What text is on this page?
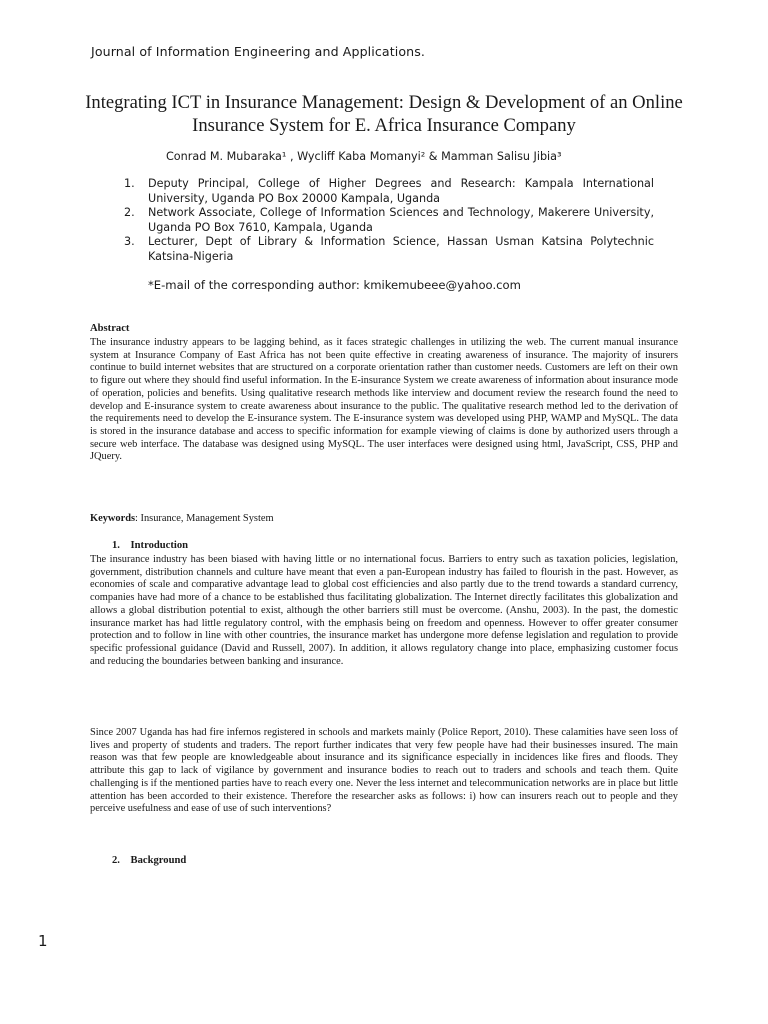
Journal of Information Engineering and Applications.
Integrating ICT in Insurance Management: Design & Development of an Online Insurance System for E. Africa Insurance Company
Conrad M. Mubaraka¹ , Wycliff Kaba Momanyi² & Mamman Salisu Jibia³
1. Deputy Principal, College of Higher Degrees and Research: Kampala International University, Uganda PO Box 20000 Kampala, Uganda
2. Network Associate, College of Information Sciences and Technology, Makerere University, Uganda PO Box 7610, Kampala, Uganda
3. Lecturer, Dept of Library & Information Science, Hassan Usman Katsina Polytechnic Katsina-Nigeria
*E-mail of the corresponding author: kmikemubeee@yahoo.com
Abstract

The insurance industry appears to be lagging behind, as it faces strategic challenges in utilizing the web. The current manual insurance system at Insurance Company of East Africa has not been quite effective in creating awareness of insurance. The majority of insurers continue to build internet websites that are structured on a corporate orientation rather than customer needs. Customers are left on their own to figure out where they should find useful information. In the E-insurance System we create awareness of information about insurance mode of operation, policies and benefits. Using qualitative research methods like interview and document review the research found the need to develop and E-insurance system to create awareness about insurance to the public. The qualitative research method led to the derivation of the requirements need to develop the E-insurance system. The E-insurance system was developed using PHP, WAMP and MySQL. The data is stored in the insurance database and access to specific information for example viewing of claims is done by authorized users through a secure web interface. The database was designed using MySQL. The user interfaces were designed using html, JavaScript, CSS, PHP and JQuery.

Keywords: Insurance, Management System
1.    Introduction

The insurance industry has been biased with having little or no international focus. Barriers to entry such as taxation policies, legislation, government, distribution channels and culture have meant that even a pan-European industry has failed to flourish in the past. However, as economies of scale and comparative advantage lead to global cost efficiencies and also partly due to the trend towards a standard currency, companies have had more of a chance to be established thus facilitating globalization. The Internet directly facilitates this globalization and allows a global distribution potential to exist, although the other barriers still must be overcome. (Anshu, 2003). In the past, the domestic insurance market has had little regulatory control, with the emphasis being on freedom and openness. However to offer greater consumer protection and to follow in line with other countries, the insurance market has undergone more defense legislation and regulation to provide specific professional guidance (David and Russell, 2007). In addition, it allows regulatory change into place, emphasizing customer focus and reducing the boundaries between banking and insurance.

Since 2007 Uganda has had fire infernos registered in schools and markets mainly (Police Report, 2010). These calamities have seen loss of lives and property of students and traders. The report further indicates that very few people have had their businesses insured. The main reason was that few people are knowledgeable about insurance and its significance especially in incidences like fires and floods. They attribute this gap to lack of vigilance by government and insurance bodies to reach out to traders and schools and teach them. Quite challenging is if the mentioned parties have to reach every one. Never the less internet and telecommunication networks are in place but little attention has been accorded to their existence. Therefore the researcher asks as follows: i) how can insurers reach out to people and they perceive usefulness and ease of use of such interventions?

2.    Background
1
